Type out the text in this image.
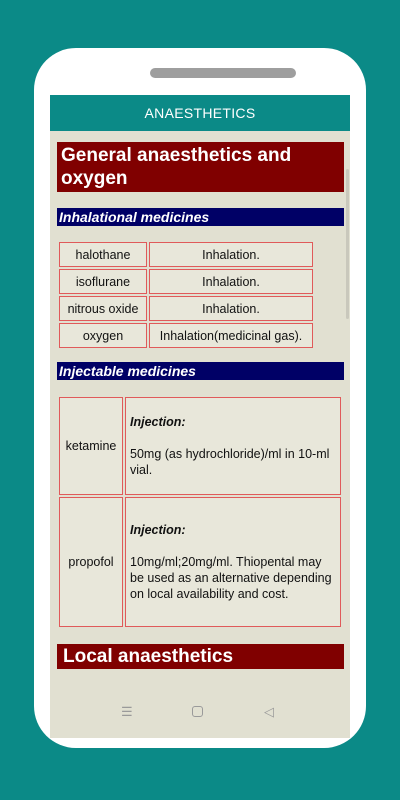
ANAESTHETICS
General anaesthetics and oxygen
Inhalational medicines
halothane	Inhalation.
isoflurane	Inhalation.
nitrous oxide	Inhalation.
oxygen	Inhalation(medicinal gas).
Injectable medicines
ketamine	Injection:
50mg (as hydrochloride)/ml in 10-ml vial.
propofol	Injection:
10mg/ml;20mg/ml. Thiopental may be used as an alternative depending on local availability and cost.
Local anaesthetics
☰	◁
